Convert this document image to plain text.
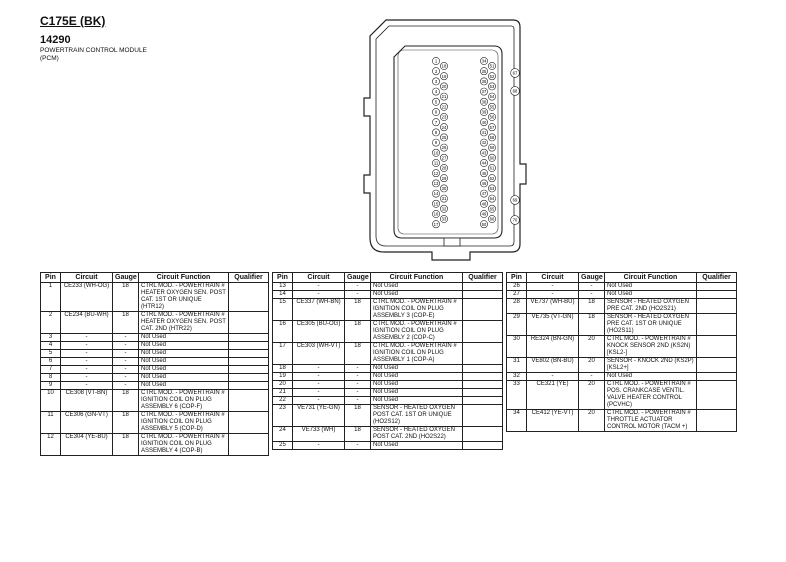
C175E (BK)
14290
POWERTRAIN CONTROL MODULE
(PCM)	1
2
3
4
5
6
7
8
9
10
11
12
13
14
15
16
17
18
19
20
21
22
23
24
25
26
27
28
29
30
31
32
33
34
35
36
37
38
39
40
41
42
43
44
45
46
47
48
49
50
51
52
53
54
55
56
57
58
59
60
61
62
63
64
65
66
67
68
69
70
Pin	Circuit	Gauge	Circuit Function	Qualifier
1	CE233 (WH-OG)	18	CTRL MOD. - POWERTRAIN # HEATER OXYGEN SEN. POST CAT. 1ST OR UNIQUE (HTR12)	
2	CE234 (BU-WH)	18	CTRL MOD. - POWERTRAIN # HEATER OXYGEN SEN. POST CAT. 2ND (HTR22)	
3	-	-	Not Used	
4	-	-	Not Used	
5	-	-	Not Used	
6	-	-	Not Used	
7	-	-	Not Used	
8	-	-	Not Used	
9	-	-	Not Used	
10	CE308 (VT-BN)	18	CTRL MOD. - POWERTRAIN # IGNITION COIL ON PLUG ASSEMBLY 6 (COP-F)	
11	CE306 (GN-VT)	18	CTRL MOD. - POWERTRAIN # IGNITION COIL ON PLUG ASSEMBLY 5 (COP-D)	
12	CE304 (YE-BU)	18	CTRL MOD. - POWERTRAIN # IGNITION COIL ON PLUG ASSEMBLY 4 (COP-B)	
Pin	Circuit	Gauge	Circuit Function	Qualifier
13	-	-	Not Used	
14	-	-	Not Used	
15	CE337 (WH-BN)	18	CTRL MOD. - POWERTRAIN # IGNITION COIL ON PLUG ASSEMBLY 3 (COP-E)	
16	CE305 (BU-OG)	18	CTRL MOD. - POWERTRAIN # IGNITION COIL ON PLUG ASSEMBLY 2 (COP-C)	
17	CE303 (WH-VT)	18	CTRL MOD. - POWERTRAIN # IGNITION COIL ON PLUG ASSEMBLY 1 (COP-A)	
18	-	-	Not Used	
19	-	-	Not Used	
20	-	-	Not Used	
21	-	-	Not Used	
22	-	-	Not Used	
23	VE731 (YE-GN)	18	SENSOR - HEATED OXYGEN POST CAT. 1ST OR UNIQUE (HO2S12)	
24	VE733 (WH)	18	SENSOR - HEATED OXYGEN POST CAT. 2ND (HO2S22)	
25	-	-	Not Used	
Pin	Circuit	Gauge	Circuit Function	Qualifier
26	-	-	Not Used	
27	-	-	Not Used	
28	VE737 (WH-BU)	18	SENSOR - HEATED OXYGEN PRE CAT. 2ND (HO2S21)	
29	VE735 (VT-GN)	18	SENSOR - HEATED OXYGEN PRE CAT. 1ST OR UNIQUE (HO2S11)	
30	RE324 (BN-GN)	20	CTRL MOD. - POWERTRAIN # KNOCK SENSOR 2ND (KS2N) [KSL2-]	
31	VE802 (BN-BU)	20	SENSOR - KNOCK 2ND (KS2P) [KSL2+]	
32	-	-	Not Used	
33	CE321 (YE)	20	CTRL MOD. - POWERTRAIN # POS. CRANKCASE VENTIL. VALVE HEATER CONTROL (PCVHC)	
34	CE412 (YE-VT)	20	CTRL MOD. - POWERTRAIN # THROTTLE ACTUATOR CONTROL MOTOR (TACM +)	
